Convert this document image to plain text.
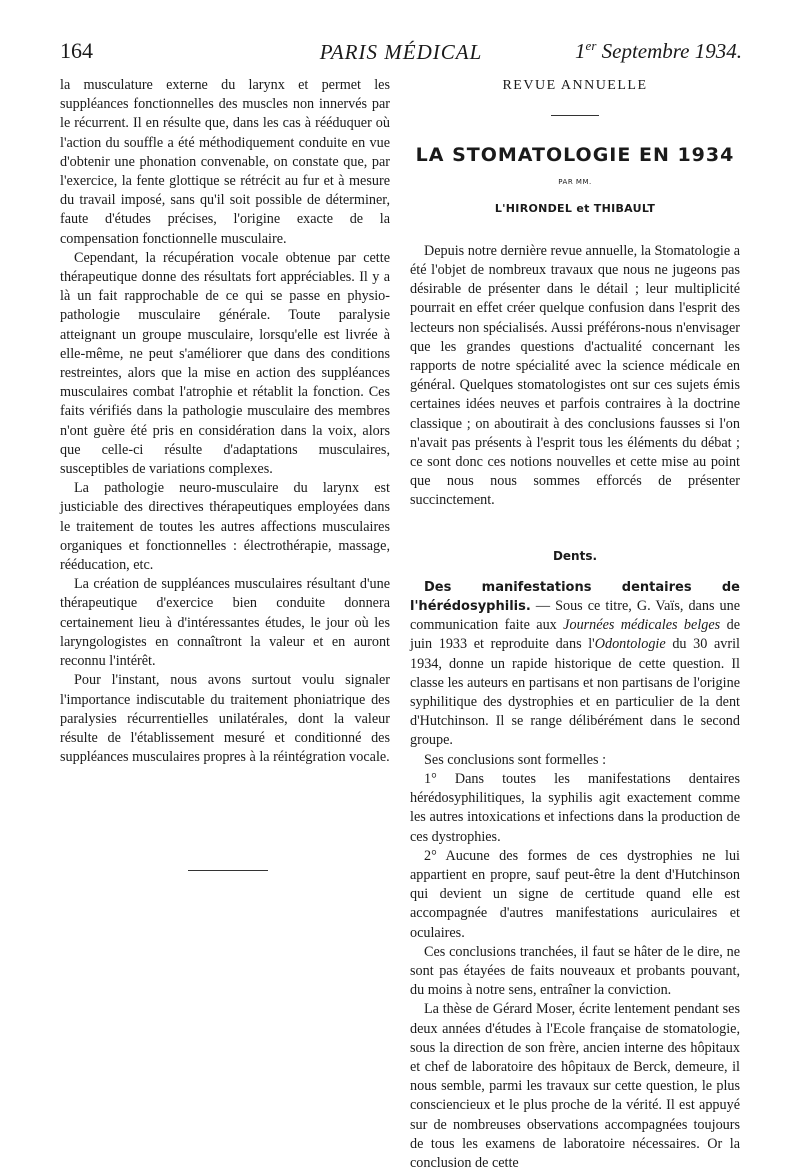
164	PARIS MÉDICAL	1er Septembre 1934.

la musculature externe du larynx et permet les suppléances fonctionnelles des muscles non innervés par le récurrent. Il en résulte que, dans les cas à rééduquer où l'action du souffle a été méthodiquement conduite en vue d'obtenir une phonation convenable, on constate que, par l'exercice, la fente glottique se rétrécit au fur et à mesure du travail imposé, sans qu'il soit possible de déterminer, faute d'études précises, l'origine exacte de la compensation fonctionnelle musculaire.

Cependant, la récupération vocale obtenue par cette thérapeutique donne des résultats fort appréciables. Il y a là un fait rapprochable de ce qui se passe en physio-pathologie musculaire générale. Toute paralysie atteignant un groupe musculaire, lorsqu'elle est livrée à elle-même, ne peut s'améliorer que dans des conditions restreintes, alors que la mise en action des suppléances musculaires combat l'atrophie et rétablit la fonction. Ces faits vérifiés dans la pathologie musculaire des membres n'ont guère été pris en considération dans la voix, alors que celle-ci résulte d'adaptations musculaires, susceptibles de variations complexes.

La pathologie neuro-musculaire du larynx est justiciable des directives thérapeutiques employées dans le traitement de toutes les autres affections musculaires organiques et fonctionnelles : électrothérapie, massage, rééducation, etc.

La création de suppléances musculaires résultant d'une thérapeutique d'exercice bien conduite donnera certainement lieu à d'intéressantes études, le jour où les laryngologistes en connaîtront la valeur et en auront reconnu l'intérêt.

Pour l'instant, nous avons surtout voulu signaler l'importance indiscutable du traitement phoniatrique des paralysies récurrentielles unilatérales, dont la valeur résulte de l'établissement mesuré et conditionné des suppléances musculaires propres à la réintégration vocale.

REVUE ANNUELLE
LA STOMATOLOGIE EN 1934
PAR MM.
L'HIRONDEL et THIBAULT

Depuis notre dernière revue annuelle, la Stomatologie a été l'objet de nombreux travaux que nous ne jugeons pas désirable de présenter dans le détail ; leur multiplicité pourrait en effet créer quelque confusion dans l'esprit des lecteurs non spécialisés. Aussi préférons-nous n'envisager que les grandes questions d'actualité concernant les rapports de notre spécialité avec la science médicale en général. Quelques stomatologistes ont sur ces sujets émis certaines idées neuves et parfois contraires à la doctrine classique ; on aboutirait à des conclusions fausses si l'on n'avait pas présents à l'esprit tous les éléments du débat ; ce sont donc ces notions nouvelles et cette mise au point que nous nous sommes efforcés de présenter succinctement.

Dents.

Des manifestations dentaires de l'hérédosyphilis. — Sous ce titre, G. Vaïs, dans une communication faite aux Journées médicales belges de juin 1933 et reproduite dans l'Odontologie du 30 avril 1934, donne un rapide historique de cette question. Il classe les auteurs en partisans et non partisans de l'origine syphilitique des dystrophies et en particulier de la dent d'Hutchinson. Il se range délibérément dans le second groupe.

Ses conclusions sont formelles :

1° Dans toutes les manifestations dentaires hérédosyphilitiques, la syphilis agit exactement comme les autres intoxications et infections dans la production de ces dystrophies.

2° Aucune des formes de ces dystrophies ne lui appartient en propre, sauf peut-être la dent d'Hutchinson qui devient un signe de certitude quand elle est accompagnée d'autres manifestations auriculaires et oculaires.

Ces conclusions tranchées, il faut se hâter de le dire, ne sont pas étayées de faits nouveaux et probants pouvant, du moins à notre sens, entraîner la conviction.

La thèse de Gérard Moser, écrite lentement pendant ses deux années d'études à l'Ecole française de stomatologie, sous la direction de son frère, ancien interne des hôpitaux et chef de laboratoire des hôpitaux de Berck, demeure, il nous semble, parmi les travaux sur cette question, le plus consciencieux et le plus proche de la vérité. Il est appuyé sur de nombreuses observations accompagnées toujours de tous les examens de laboratoire nécessaires. Or la conclusion de cette
